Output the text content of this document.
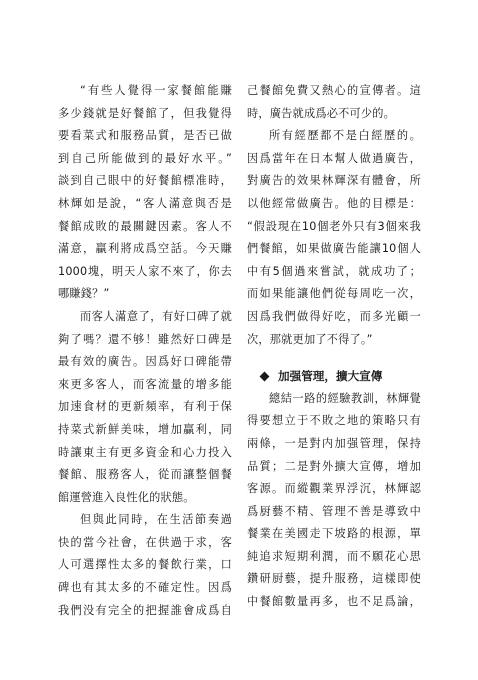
“有些人覺得一家餐館能賺
多少錢就是好餐館了，但我覺得
要看菜式和服務品質，是否已做
到自己所能做到的最好水平。”
談到自己眼中的好餐館標准時，
林輝如是說，“客人滿意與否是
餐館成敗的最關鍵因素。客人不
滿意，贏利將成爲空話。今天賺
1000塊，明天人家不來了，你去
哪賺錢？”
而客人滿意了，有好口碑了就
夠了嗎？還不够！雖然好口碑是
最有效的廣告。因爲好口碑能帶
來更多客人，而客流量的增多能
加速食材的更新頻率，有利于保
持菜式新鮮美味，增加贏利，同
時讓東主有更多資金和心力投入
餐館、服務客人，從而讓整個餐
館運營進入良性化的狀態。
但與此同時，在生活節奏過
快的當今社會，在供過于求，客
人可選擇性太多的餐飲行業，口
碑也有其太多的不確定性。因爲
我們没有完全的把握誰會成爲自
己餐館免費又熱心的宣傳者。這
時，廣告就成爲必不可少的。
所有經歷都不是白經歷的。
因爲當年在日本幫人做過廣告，
對廣告的效果林輝深有體會，所
以他經常做廣告。他的目標是：
“假設現在10個老外只有3個來我
們餐館，如果做廣告能讓10個人
中有5個過來嘗試，就成功了；
而如果能讓他們從每周吃一次，
因爲我們做得好吃，而多光顧一
次，那就更加了不得了。”
加强管理，擴大宣傳
總結一路的經驗教訓，林輝覺
得要想立于不敗之地的策略只有
兩條，一是對内加强管理，保持
品質；二是對外擴大宣傳，增加
客源。而縱觀業界浮沉，林輝認
爲厨藝不精、管理不善是導致中
餐業在美國走下坡路的根源，單
純追求短期利潤，而不願花心思
鑽研厨藝，提升服務，這樣即使
中餐館數量再多，也不足爲論，
